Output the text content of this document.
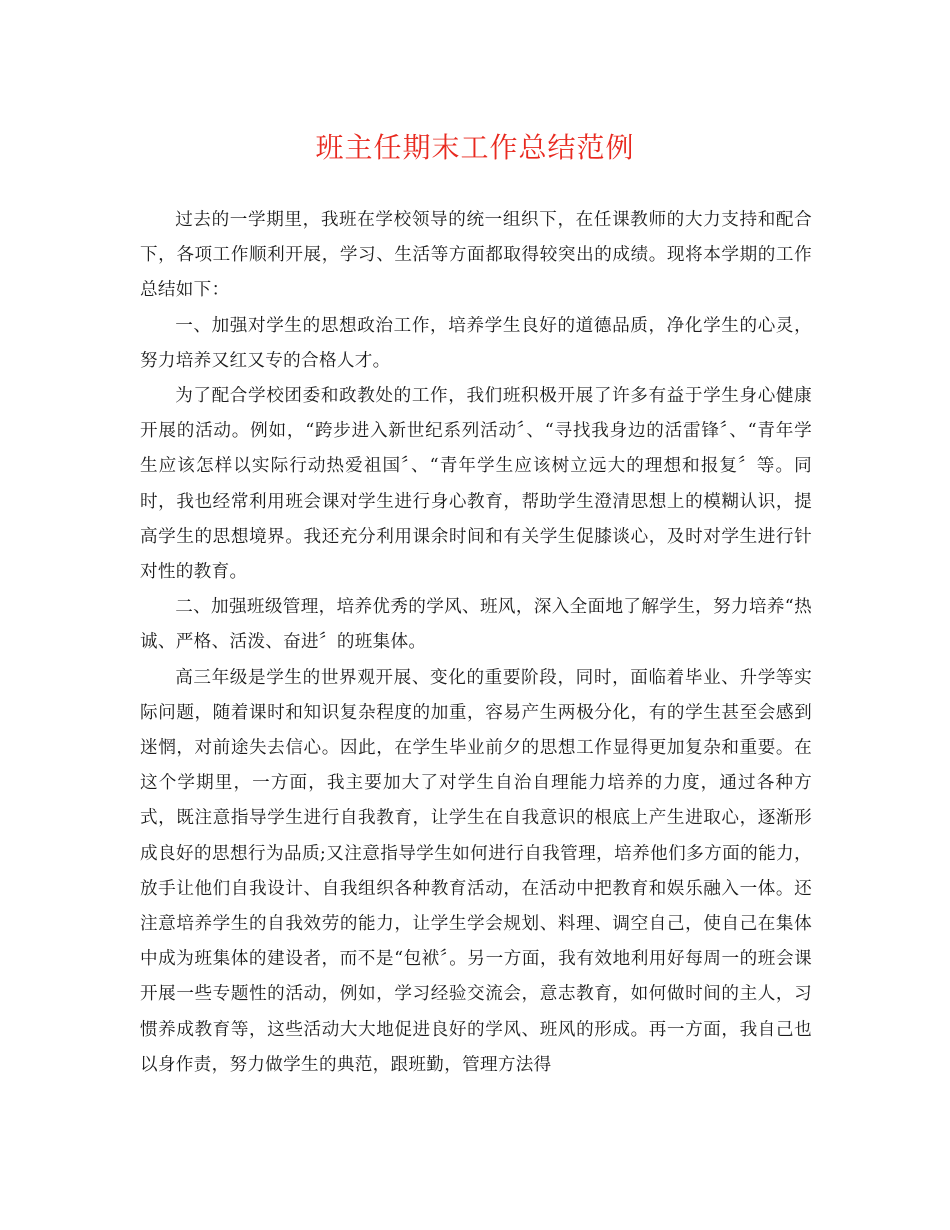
班主任期末工作总结范例

过去的一学期里，我班在学校领导的统一组织下，在任课教师的大力支持和配合下，各项工作顺利开展，学习、生活等方面都取得较突出的成绩。现将本学期的工作总结如下：

一、加强对学生的思想政治工作，培养学生良好的道德品质，净化学生的心灵，努力培养又红又专的合格人才。

为了配合学校团委和政教处的工作，我们班积极开展了许多有益于学生身心健康开展的活动。例如，“跨步进入新世纪系列活动〞、“寻找我身边的活雷锋〞、“青年学生应该怎样以实际行动热爱祖国〞、“青年学生应该树立远大的理想和报复〞等。同时，我也经常利用班会课对学生进行身心教育，帮助学生澄清思想上的模糊认识，提高学生的思想境界。我还充分利用课余时间和有关学生促膝谈心，及时对学生进行针对性的教育。

二、加强班级管理，培养优秀的学风、班风，深入全面地了解学生，努力培养“热诚、严格、活泼、奋进〞的班集体。

高三年级是学生的世界观开展、变化的重要阶段，同时，面临着毕业、升学等实际问题，随着课时和知识复杂程度的加重，容易产生两极分化，有的学生甚至会感到迷惘，对前途失去信心。因此，在学生毕业前夕的思想工作显得更加复杂和重要。在这个学期里，一方面，我主要加大了对学生自治自理能力培养的力度，通过各种方式，既注意指导学生进行自我教育，让学生在自我意识的根底上产生进取心，逐渐形成良好的思想行为品质;又注意指导学生如何进行自我管理，培养他们多方面的能力，放手让他们自我设计、自我组织各种教育活动，在活动中把教育和娱乐融入一体。还注意培养学生的自我效劳的能力，让学生学会规划、料理、调空自己，使自己在集体中成为班集体的建设者，而不是“包袱〞。另一方面，我有效地利用好每周一的班会课开展一些专题性的活动，例如，学习经验交流会，意志教育，如何做时间的主人，习惯养成教育等，这些活动大大地促进良好的学风、班风的形成。再一方面，我自己也以身作责，努力做学生的典范，跟班勤，管理方法得
